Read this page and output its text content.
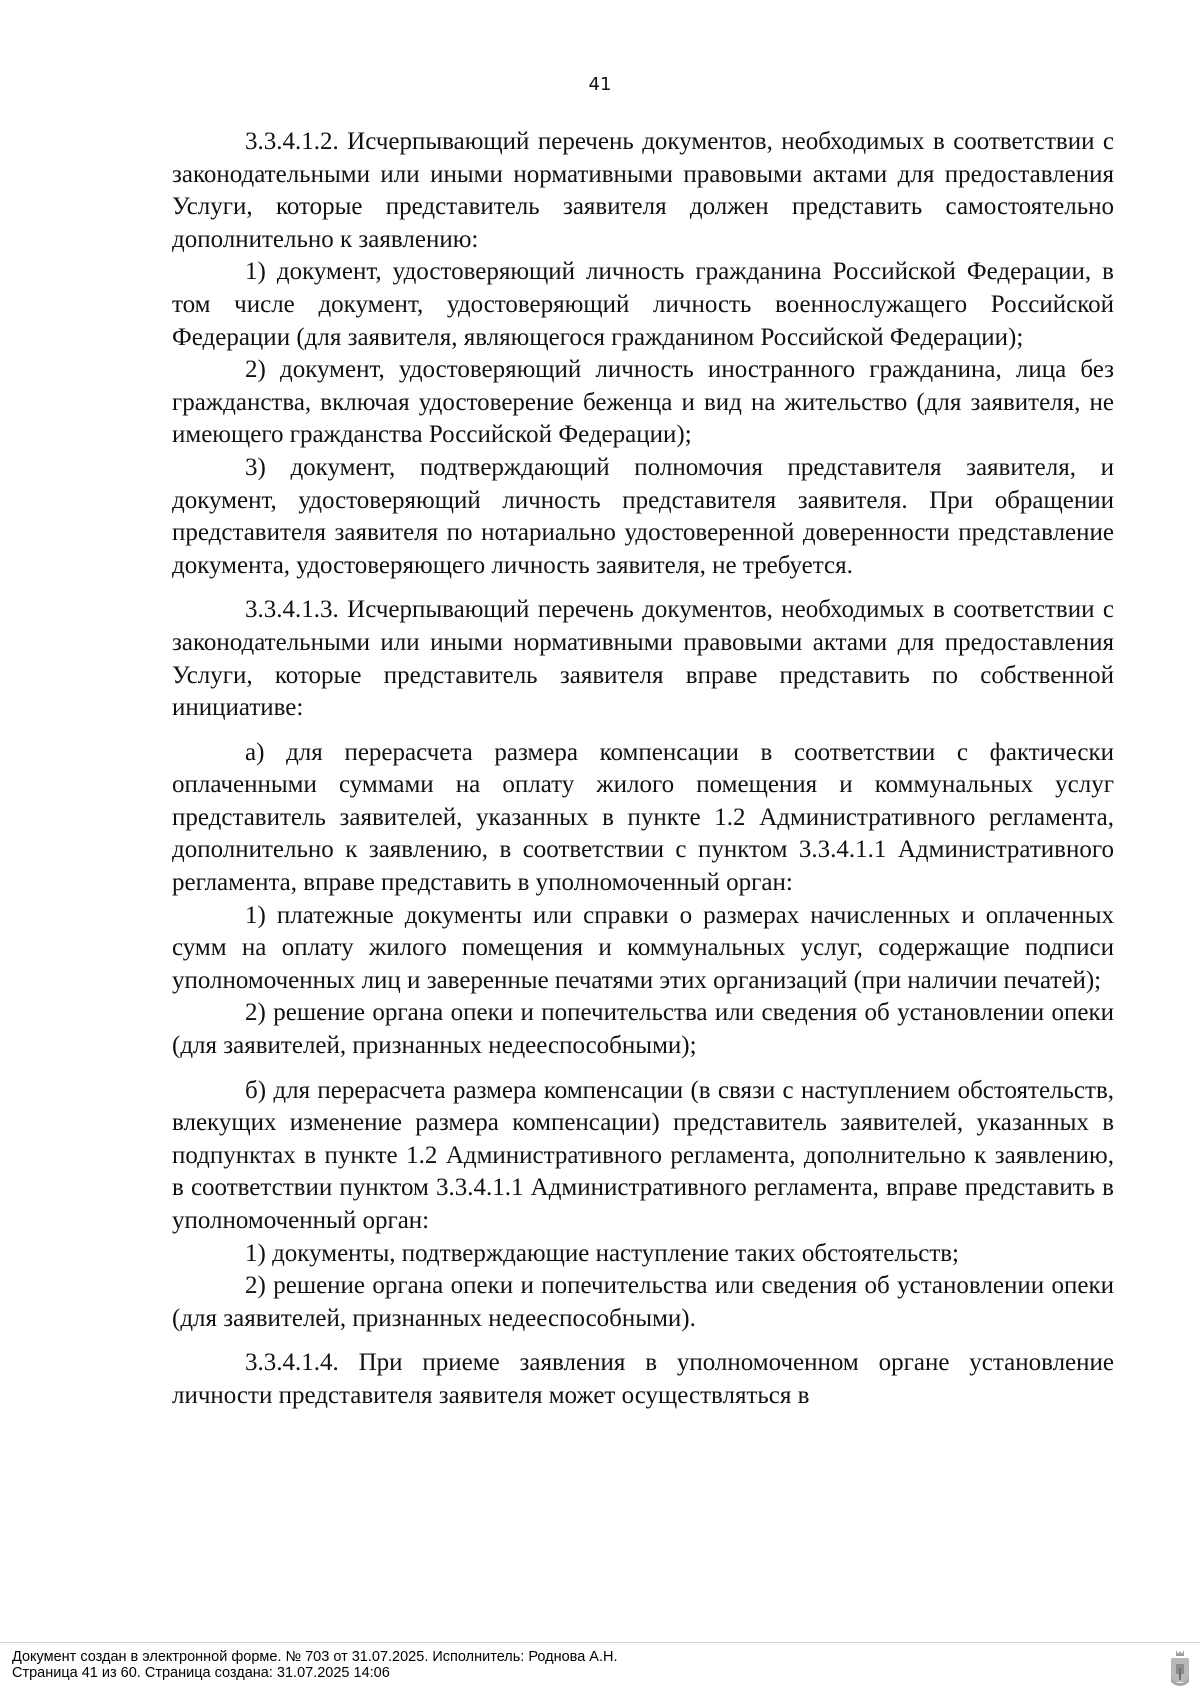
41

3.3.4.1.2. Исчерпывающий перечень документов, необходимых в соответствии с законодательными или иными нормативными правовыми актами для предоставления Услуги, которые представитель заявителя должен представить самостоятельно дополнительно к заявлению:

1) документ, удостоверяющий личность гражданина Российской Федерации, в том числе документ, удостоверяющий личность военнослужащего Российской Федерации (для заявителя, являющегося гражданином Российской Федерации);

2) документ, удостоверяющий личность иностранного гражданина, лица без гражданства, включая удостоверение беженца и вид на жительство (для заявителя, не имеющего гражданства Российской Федерации);

3) документ, подтверждающий полномочия представителя заявителя, и документ, удостоверяющий личность представителя заявителя. При обращении представителя заявителя по нотариально удостоверенной доверенности представление документа, удостоверяющего личность заявителя, не требуется.

3.3.4.1.3. Исчерпывающий перечень документов, необходимых в соответствии с законодательными или иными нормативными правовыми актами для предоставления Услуги, которые представитель заявителя вправе представить по собственной инициативе:

а) для перерасчета размера компенсации в соответствии с фактически оплаченными суммами на оплату жилого помещения и коммунальных услуг представитель заявителей, указанных в пункте 1.2 Административного регламента, дополнительно к заявлению, в соответствии с пунктом 3.3.4.1.1 Административного регламента, вправе представить в уполномоченный орган:

1) платежные документы или справки о размерах начисленных и оплаченных сумм на оплату жилого помещения и коммунальных услуг, содержащие подписи уполномоченных лиц и заверенные печатями этих организаций (при наличии печатей);

2) решение органа опеки и попечительства или сведения об установлении опеки (для заявителей, признанных недееспособными);

б) для перерасчета размера компенсации (в связи с наступлением обстоятельств, влекущих изменение размера компенсации) представитель заявителей, указанных в подпунктах в пункте 1.2 Административного регламента, дополнительно к заявлению, в соответствии пунктом 3.3.4.1.1 Административного регламента, вправе представить в уполномоченный орган:

1) документы, подтверждающие наступление таких обстоятельств;

2) решение органа опеки и попечительства или сведения об установлении опеки (для заявителей, признанных недееспособными).

3.3.4.1.4. При приеме заявления в уполномоченном органе установление личности представителя заявителя может осуществляться в

Документ создан в электронной форме. № 703 от 31.07.2025. Исполнитель: Роднова А.Н.
Страница 41 из 60. Страница создана: 31.07.2025 14:06
